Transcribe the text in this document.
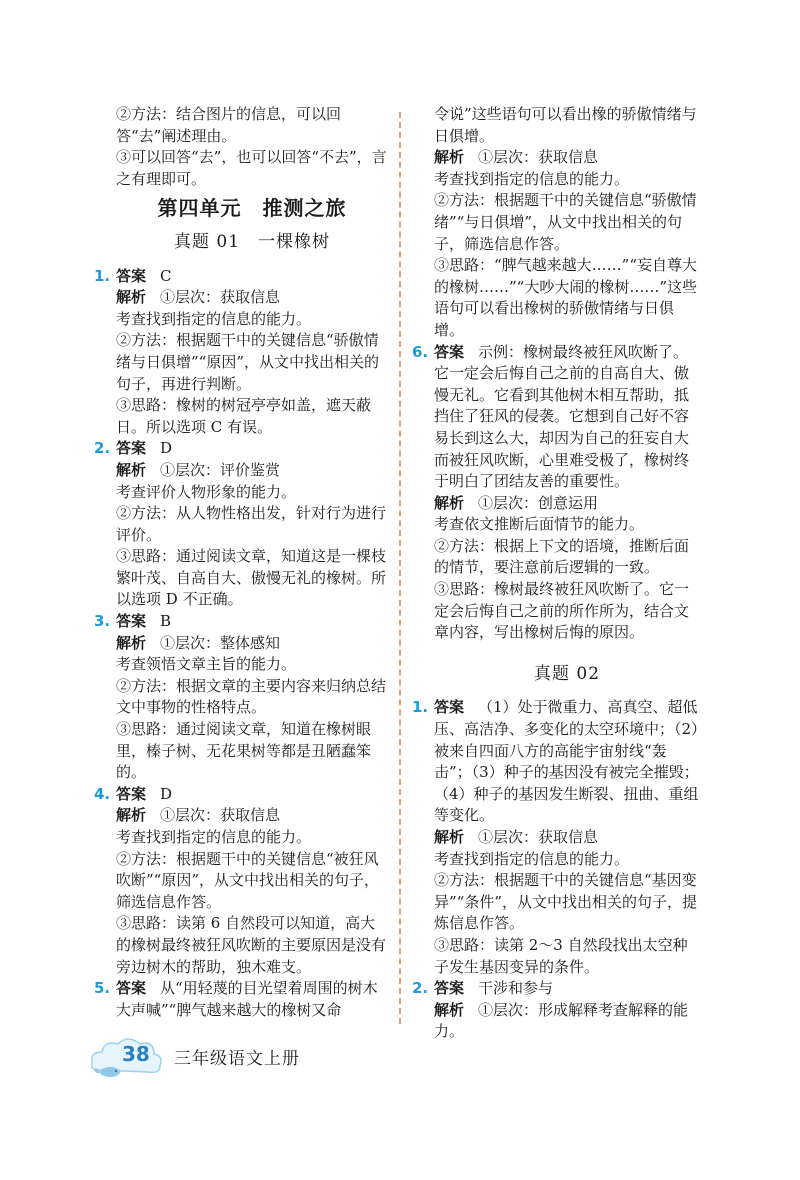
②方法：结合图片的信息，可以回答“去”阐述理由。

③可以回答“去”，也可以回答“不去”，言之有理即可。

第四单元　推测之旅
真题 01　一棵橡树
1. 答案 C

解析 ①层次：获取信息

考查找到指定的信息的能力。

②方法：根据题干中的关键信息“骄傲情绪与日俱增”“原因”，从文中找出相关的句子，再进行判断。

③思路：橡树的树冠亭亭如盖，遮天蔽日。所以选项 C 有误。

2. 答案 D

解析 ①层次：评价鉴赏

考查评价人物形象的能力。

②方法：从人物性格出发，针对行为进行评价。

③思路：通过阅读文章，知道这是一棵枝繁叶茂、自高自大、傲慢无礼的橡树。所以选项 D 不正确。

3. 答案 B

解析 ①层次：整体感知

考查领悟文章主旨的能力。

②方法：根据文章的主要内容来归纳总结文中事物的性格特点。

③思路：通过阅读文章，知道在橡树眼里，榛子树、无花果树等都是丑陋蠢笨的。

4. 答案 D

解析 ①层次：获取信息

考查找到指定的信息的能力。

②方法：根据题干中的关键信息“被狂风吹断”“原因”，从文中找出相关的句子，筛选信息作答。

③思路：读第 6 自然段可以知道，高大的橡树最终被狂风吹断的主要原因是没有旁边树木的帮助，独木难支。

5. 答案 从“用轻蔑的目光望着周围的树木大声喊”“脾气越来越大的橡树又命

令说”这些语句可以看出橡的骄傲情绪与日俱增。

解析 ①层次：获取信息

考查找到指定的信息的能力。

②方法：根据题干中的关键信息“骄傲情绪”“与日俱增”，从文中找出相关的句子，筛选信息作答。

③思路：“脾气越来越大……”“妄自尊大的橡树……”“大吵大闹的橡树……”这些语句可以看出橡树的骄傲情绪与日俱增。

6. 答案 示例：橡树最终被狂风吹断了。它一定会后悔自己之前的自高自大、傲慢无礼。它看到其他树木相互帮助，抵挡住了狂风的侵袭。它想到自己好不容易长到这么大，却因为自己的狂妄自大而被狂风吹断，心里难受极了，橡树终于明白了团结友善的重要性。

解析 ①层次：创意运用

考查依文推断后面情节的能力。

②方法：根据上下文的语境，推断后面的情节，要注意前后逻辑的一致。

③思路：橡树最终被狂风吹断了。它一定会后悔自己之前的所作所为，结合文章内容，写出橡树后悔的原因。

真题 02
1. 答案 （1）处于微重力、高真空、超低压、高洁净、多变化的太空环境中；（2）被来自四面八方的高能宇宙射线“轰击”；（3）种子的基因没有被完全摧毁；（4）种子的基因发生断裂、扭曲、重组等变化。

解析 ①层次：获取信息

考查找到指定的信息的能力。

②方法：根据题干中的关键信息“基因变异”“条件”，从文中找出相关的句子，提炼信息作答。

③思路：读第 2～3 自然段找出太空种子发生基因变异的条件。

2. 答案 干涉和参与

解析 ①层次：形成解释考查解释的能力。

38 三年级语文上册
